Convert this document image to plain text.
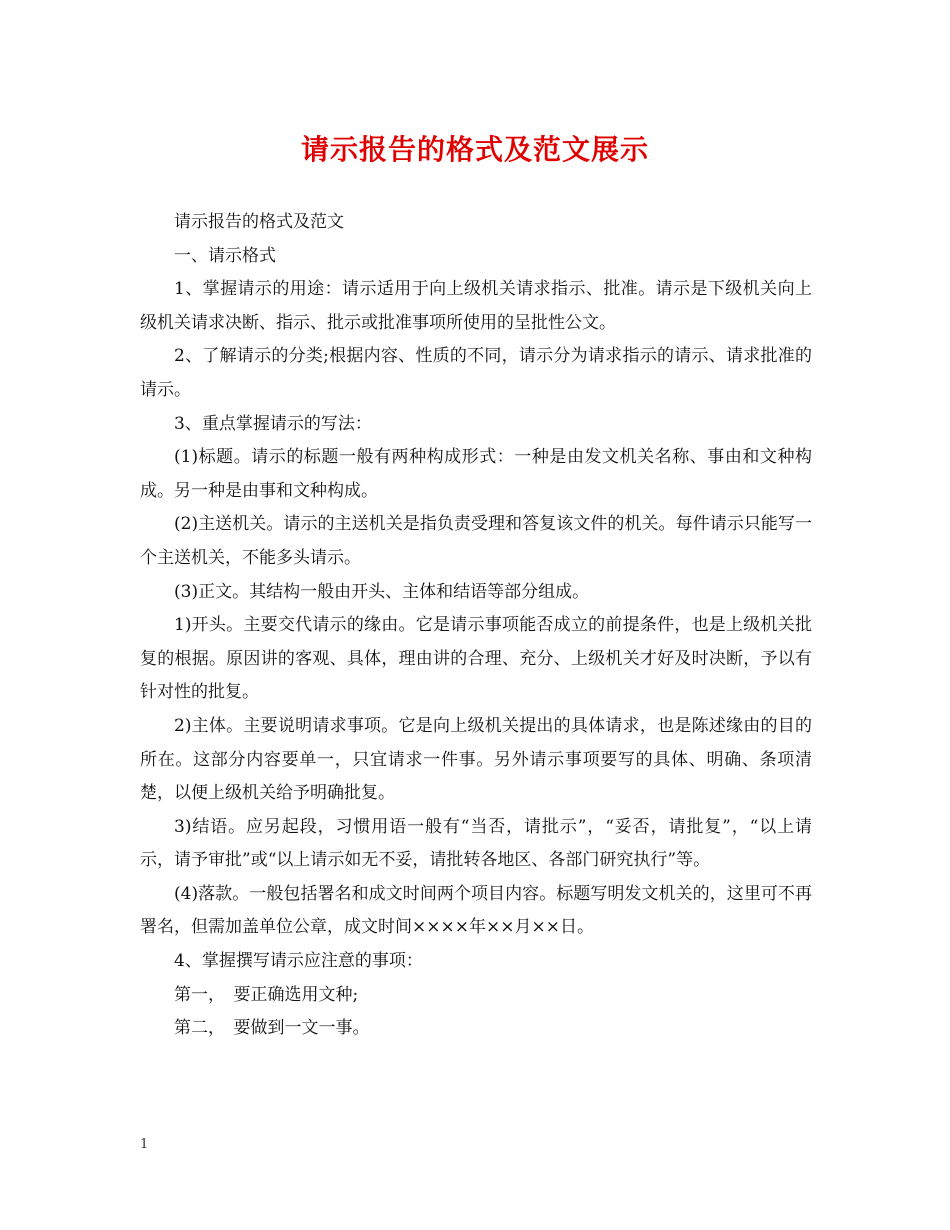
请示报告的格式及范文展示

请示报告的格式及范文

一、请示格式

1、掌握请示的用途：请示适用于向上级机关请求指示、批准。请示是下级机关向上级机关请求决断、指示、批示或批准事项所使用的呈批性公文。

2、了解请示的分类;根据内容、性质的不同，请示分为请求指示的请示、请求批准的请示。

3、重点掌握请示的写法：

(1)标题。请示的标题一般有两种构成形式：一种是由发文机关名称、事由和文种构成。另一种是由事和文种构成。

(2)主送机关。请示的主送机关是指负责受理和答复该文件的机关。每件请示只能写一个主送机关，不能多头请示。

(3)正文。其结构一般由开头、主体和结语等部分组成。

1)开头。主要交代请示的缘由。它是请示事项能否成立的前提条件，也是上级机关批复的根据。原因讲的客观、具体，理由讲的合理、充分、上级机关才好及时决断，予以有针对性的批复。

2)主体。主要说明请求事项。它是向上级机关提出的具体请求，也是陈述缘由的目的所在。这部分内容要单一，只宜请求一件事。另外请示事项要写的具体、明确、条项清楚，以便上级机关给予明确批复。

3)结语。应另起段，习惯用语一般有“当否，请批示”，“妥否，请批复”，“以上请示，请予审批”或“以上请示如无不妥，请批转各地区、各部门研究执行”等。

(4)落款。一般包括署名和成文时间两个项目内容。标题写明发文机关的，这里可不再署名，但需加盖单位公章，成文时间××××年××月××日。

4、掌握撰写请示应注意的事项：

第一，　要正确选用文种;

第二，　要做到一文一事。

1
